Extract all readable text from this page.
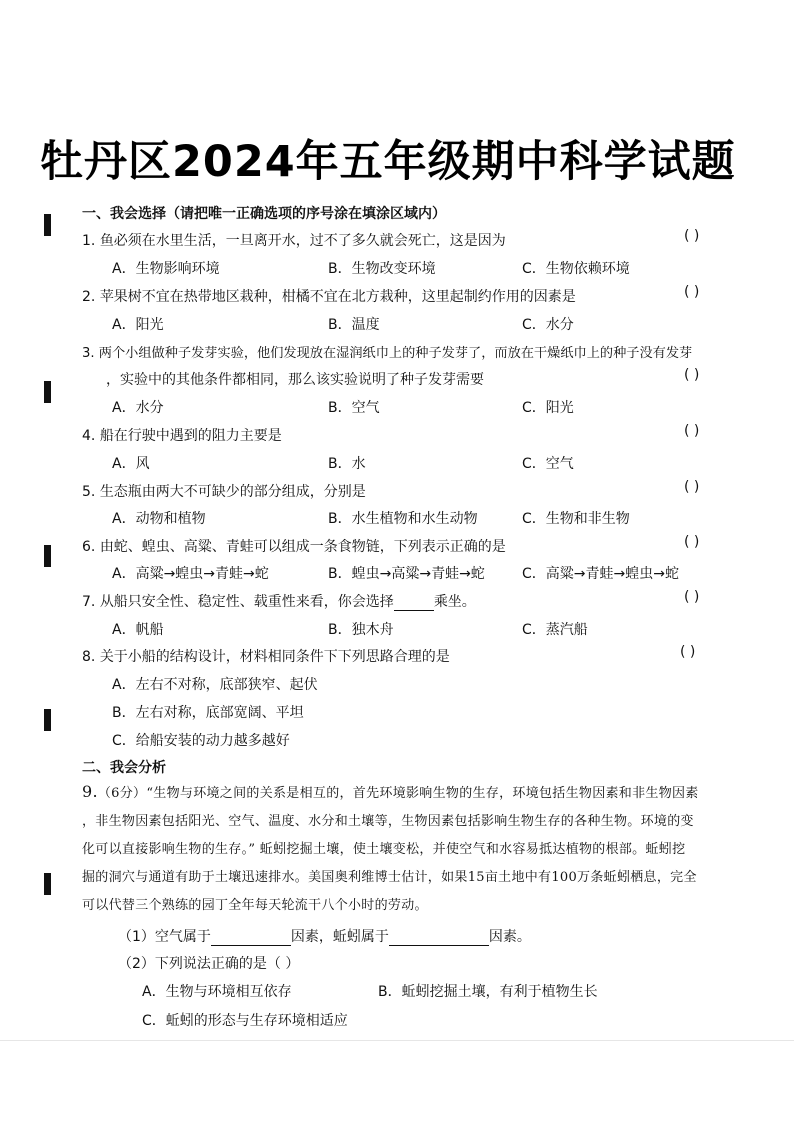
牡丹区2024年五年级期中科学试题
一、我会选择（请把唯一正确选项的序号涂在填涂区域内）
1. 鱼必须在水里生活，一旦离开水，过不了多久就会死亡，这是因为	( )
A．生物影响环境	B．生物改变环境	C．生物依赖环境
2. 苹果树不宜在热带地区栽种，柑橘不宜在北方栽种，这里起制约作用的因素是	( )
A．阳光	B．温度	C．水分
3. 两个小组做种子发芽实验，他们发现放在湿润纸巾上的种子发芽了，而放在干燥纸巾上的种子没有发芽
，实验中的其他条件都相同，那么该实验说明了种子发芽需要	( )
A．水分	B．空气	C．阳光
4. 船在行驶中遇到的阻力主要是	( )
A．风	B．水	C．空气
5. 生态瓶由两大不可缺少的部分组成，分别是	( )
A．动物和植物	B．水生植物和水生动物	C．生物和非生物
6. 由蛇、蝗虫、高粱、青蛙可以组成一条食物链，下列表示正确的是	( )
A．高粱→蝗虫→青蛙→蛇	B．蝗虫→高粱→青蛙→蛇	C．高粱→青蛙→蝗虫→蛇
7. 从船只安全性、稳定性、载重性来看，你会选择	乘坐。	( )
A．帆船	B．独木舟	C．蒸汽船
8. 关于小船的结构设计，材料相同条件下下列思路合理的是	( )
A．左右不对称，底部狭窄、起伏
B．左右对称，底部宽阔、平坦
C．给船安装的动力越多越好
二、我会分析
9.（6分）“生物与环境之间的关系是相互的，首先环境影响生物的生存，环境包括生物因素和非生物因素
，非生物因素包括阳光、空气、温度、水分和土壤等，生物因素包括影响生物生存的各种生物。环境的变
化可以直接影响生物的生存。” 蚯蚓挖掘土壤，使土壤变松，并使空气和水容易抵达植物的根部。蚯蚓挖
掘的洞穴与通道有助于土壤迅速排水。美国奥利维博士估计，如果15亩土地中有100万条蚯蚓栖息，完全
可以代替三个熟练的园丁全年每天轮流干八个小时的劳动。
（1）空气属于	因素，蚯蚓属于	因素。
（2）下列说法正确的是（ ）
A．生物与环境相互依存	B．蚯蚓挖掘土壤，有利于植物生长
C．蚯蚓的形态与生存环境相适应
